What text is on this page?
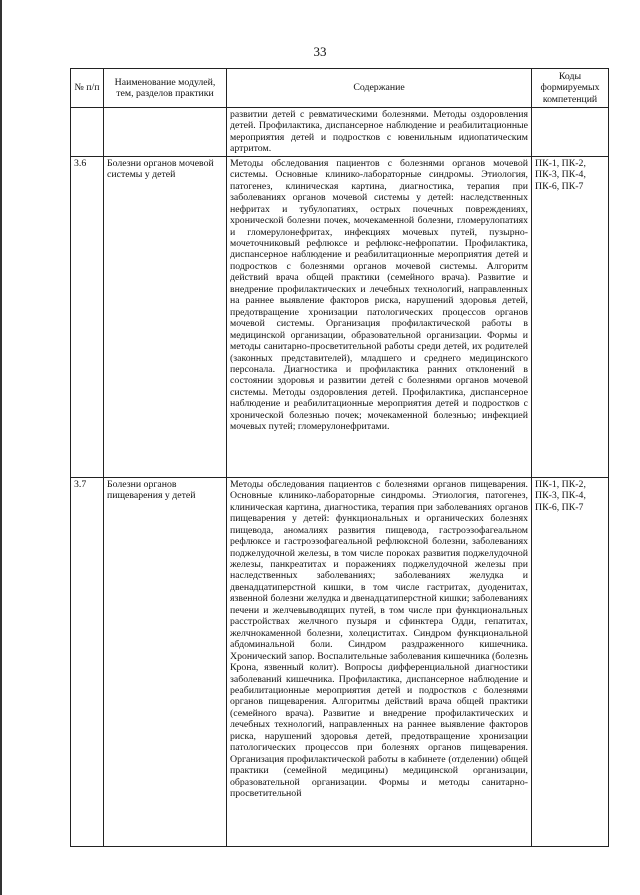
33
№ п/п	Наименование модулей, тем, разделов практики	Содержание	Коды формируемых компетенций
		развитии детей с ревматическими болезнями. Методы оздоровления детей. Профилактика, диспансерное наблюдение и реабилитационные мероприятия детей и подростков с ювенильным идиопатическим артритом.	
3.6	Болезни органов мочевой системы у детей	Методы обследования пациентов с болезнями органов мочевой системы. Основные клинико-лабораторные синдромы. Этиология, патогенез, клиническая картина, диагностика, терапия при заболеваниях органов мочевой системы у детей: наследственных нефритах и тубулопатиях, острых почечных повреждениях, хронической болезни почек, мочекаменной болезни, гломерулопатиях и гломерулонефритах, инфекциях мочевых путей, пузырно-мочеточниковый рефлюксе и рефлюкс-нефропатии. Профилактика, диспансерное наблюдение и реабилитационные мероприятия детей и подростков с болезнями органов мочевой системы. Алгоритм действий врача общей практики (семейного врача). Развитие и внедрение профилактических и лечебных технологий, направленных на раннее выявление факторов риска, нарушений здоровья детей, предотвращение хронизации патологических процессов органов мочевой системы. Организация профилактической работы в медицинской организации, образовательной организации. Формы и методы санитарно-просветительной работы среди детей, их родителей (законных представителей), младшего и среднего медицинского персонала. Диагностика и профилактика ранних отклонений в состоянии здоровья и развитии детей с болезнями органов мочевой системы. Методы оздоровления детей. Профилактика, диспансерное наблюдение и реабилитационные мероприятия детей и подростков с хронической болезнью почек; мочекаменной болезнью; инфекцией мочевых путей; гломерулонефритами.	ПК-1, ПК-2, ПК-3, ПК-4, ПК-6, ПК-7
3.7	Болезни органов пищеварения у детей	Методы обследования пациентов с болезнями органов пищеварения. Основные клинико-лабораторные синдромы. Этиология, патогенез, клиническая картина, диагностика, терапия при заболеваниях органов пищеварения у детей: функциональных и органических болезнях пищевода, аномалиях развития пищевода, гастроэзофагеальном рефлюксе и гастроэзофагеальной рефлюксной болезни, заболеваниях поджелудочной железы, в том числе пороках развития поджелудочной железы, панкреатитах и поражениях поджелудочной железы при наследственных заболеваниях; заболеваниях желудка и двенадцатиперстной кишки, в том числе гастритах, дуоденитах, язвенной болезни желудка и двенадцатиперстной кишки; заболеваниях печени и желчевыводящих путей, в том числе при функциональных расстройствах желчного пузыря и сфинктера Одди, гепатитах, желчнокаменной болезни, холециститах. Синдром функциональной абдоминальной боли. Синдром раздраженного кишечника. Хронический запор. Воспалительные заболевания кишечника (болезнь Крона, язвенный колит). Вопросы дифференциальной диагностики заболеваний кишечника. Профилактика, диспансерное наблюдение и реабилитационные мероприятия детей и подростков с болезнями органов пищеварения. Алгоритмы действий врача общей практики (семейного врача). Развитие и внедрение профилактических и лечебных технологий, направленных на раннее выявление факторов риска, нарушений здоровья детей, предотвращение хронизации патологических процессов при болезнях органов пищеварения. Организация профилактической работы в кабинете (отделении) общей практики (семейной медицины) медицинской организации, образовательной организации. Формы и методы санитарно-просветительной	ПК-1, ПК-2, ПК-3, ПК-4, ПК-6, ПК-7
